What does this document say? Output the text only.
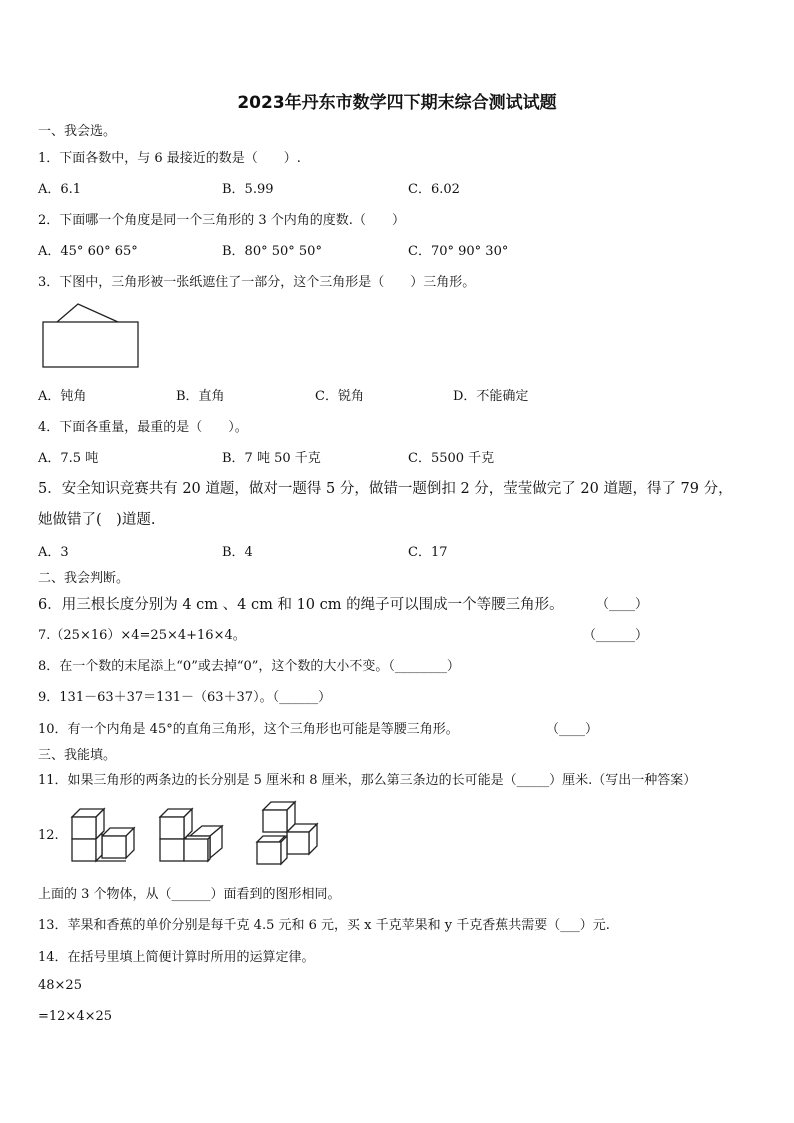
2023年丹东市数学四下期末综合测试试题
一、我会选。
1．下面各数中，与 6 最接近的数是（　　）.
A．6.1	B．5.99	C．6.02
2．下面哪一个角度是同一个三角形的 3 个内角的度数.（　　）
A．45° 60° 65°	B．80° 50° 50°	C．70° 90° 30°
3．下图中，三角形被一张纸遮住了一部分，这个三角形是（　　）三角形。
A．钝角	B．直角	C．锐角	D．不能确定
4．下面各重量，最重的是（　　）。
A．7.5 吨	B．7 吨 50 千克	C．5500 千克
5．安全知识竞赛共有 20 道题，做对一题得 5 分，做错一题倒扣 2 分，莹莹做完了 20 道题，得了 79 分，
她做错了(　)道题.
A．3	B．4	C．17
二、我会判断。
6．用三根长度分别为 4 cm 、4 cm 和 10 cm 的绳子可以围成一个等腰三角形。 （____）
7.（25×16）×4=25×4+16×4。	（______）
8．在一个数的末尾添上“0”或去掉“0”，这个数的大小不变。（________）
9．131－63＋37＝131－（63＋37）。（______）
10．有一个内角是 45°的直角三角形，这个三角形也可能是等腰三角形。	（____）
三、我能填。
11．如果三角形的两条边的长分别是 5 厘米和 8 厘米，那么第三条边的长可能是（_____）厘米.（写出一种答案）
12.
上面的 3 个物体，从（______）面看到的图形相同。
13．苹果和香蕉的单价分别是每千克 4.5 元和 6 元，买 x 千克苹果和 y 千克香蕉共需要（___）元.
14．在括号里填上简便计算时所用的运算定律。
48×25
=12×4×25
